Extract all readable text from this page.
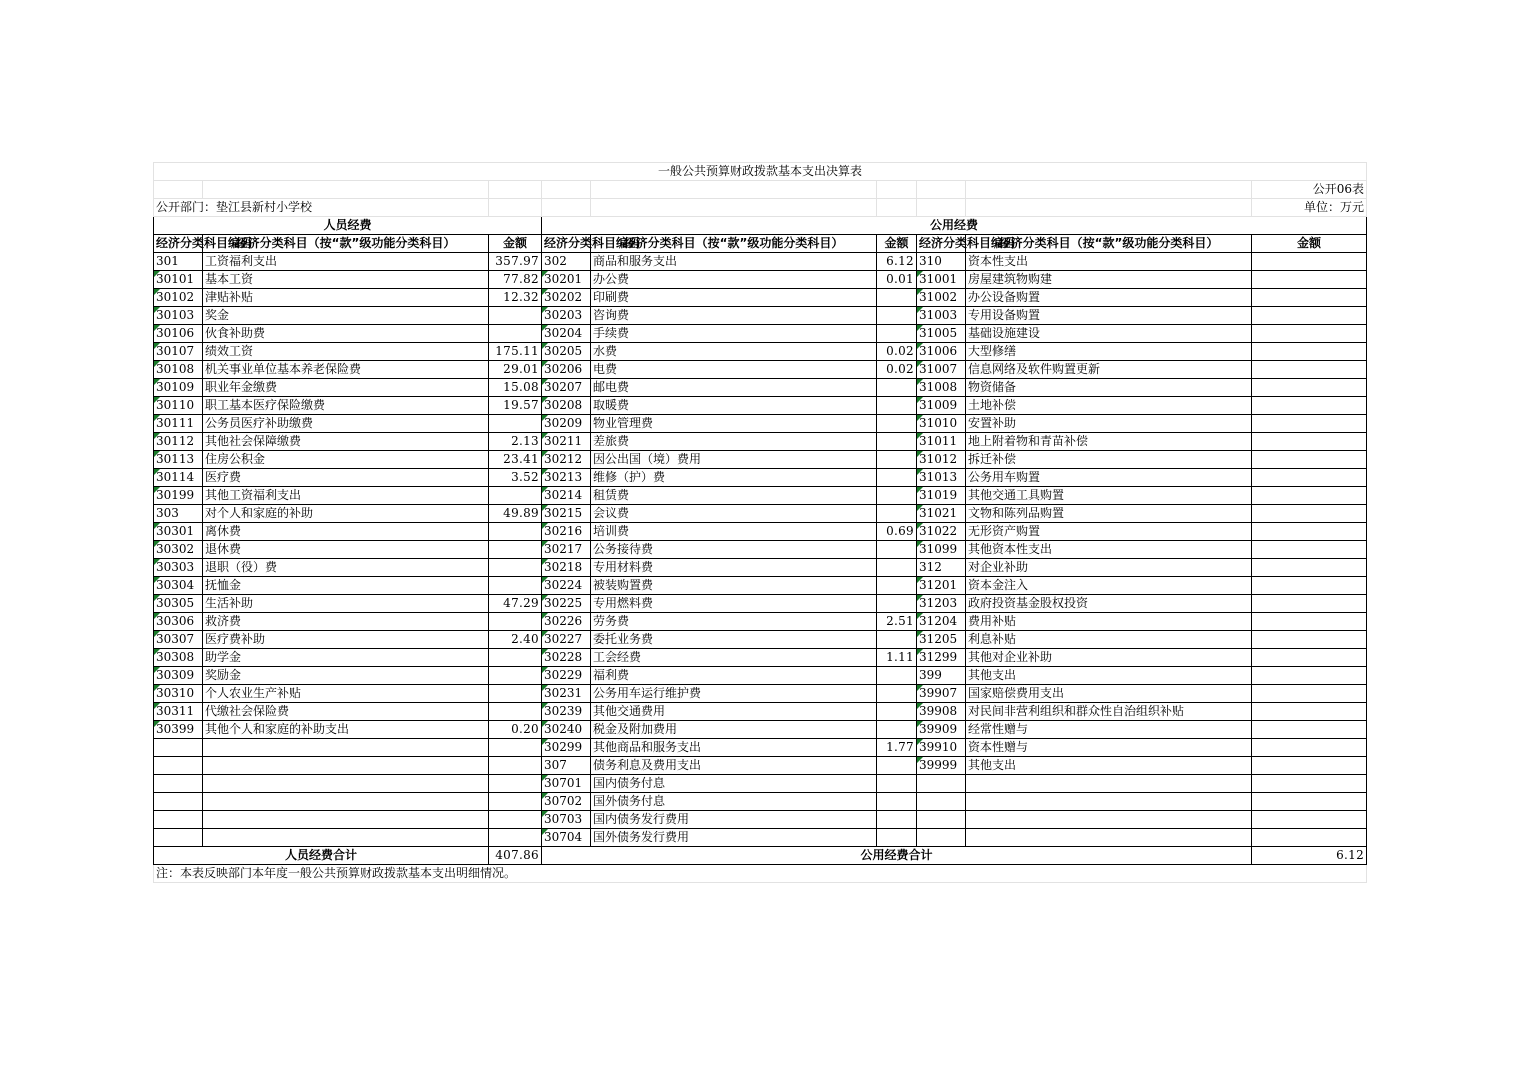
一般公共预算财政拨款基本支出决算表								
								公开06表
公开部门：垫江县新村小学校								单位：万元
人员经费			公用经费					
经济分类科目编码	经济分类科目（按“款”级功能分类科目）	金额	经济分类科目编码	经济分类科目（按“款”级功能分类科目）	金额	经济分类科目编码	经济分类科目（按“款”级功能分类科目）	金额
301	工资福利支出	357.97	302	商品和服务支出	6.12	310	资本性支出	
30101	基本工资	77.82	30201	办公费	0.01	31001	房屋建筑物购建	
30102	津贴补贴	12.32	30202	印刷费		31002	办公设备购置	
30103	奖金		30203	咨询费		31003	专用设备购置	
30106	伙食补助费		30204	手续费		31005	基础设施建设	
30107	绩效工资	175.11	30205	水费	0.02	31006	大型修缮	
30108	机关事业单位基本养老保险费	29.01	30206	电费	0.02	31007	信息网络及软件购置更新	
30109	职业年金缴费	15.08	30207	邮电费		31008	物资储备	
30110	职工基本医疗保险缴费	19.57	30208	取暖费		31009	土地补偿	
30111	公务员医疗补助缴费		30209	物业管理费		31010	安置补助	
30112	其他社会保障缴费	2.13	30211	差旅费		31011	地上附着物和青苗补偿	
30113	住房公积金	23.41	30212	因公出国（境）费用		31012	拆迁补偿	
30114	医疗费	3.52	30213	维修（护）费		31013	公务用车购置	
30199	其他工资福利支出		30214	租赁费		31019	其他交通工具购置	
303	对个人和家庭的补助	49.89	30215	会议费		31021	文物和陈列品购置	
30301	离休费		30216	培训费	0.69	31022	无形资产购置	
30302	退休费		30217	公务接待费		31099	其他资本性支出	
30303	退职（役）费		30218	专用材料费		312	对企业补助	
30304	抚恤金		30224	被装购置费		31201	资本金注入	
30305	生活补助	47.29	30225	专用燃料费		31203	政府投资基金股权投资	
30306	救济费		30226	劳务费	2.51	31204	费用补贴	
30307	医疗费补助	2.40	30227	委托业务费		31205	利息补贴	
30308	助学金		30228	工会经费	1.11	31299	其他对企业补助	
30309	奖励金		30229	福利费		399	其他支出	
30310	个人农业生产补贴		30231	公务用车运行维护费		39907	国家赔偿费用支出	
30311	代缴社会保险费		30239	其他交通费用		39908	对民间非营利组织和群众性自治组织补贴	
30399	其他个人和家庭的补助支出	0.20	30240	税金及附加费用		39909	经常性赠与	
			30299	其他商品和服务支出	1.77	39910	资本性赠与	
			307	债务利息及费用支出		39999	其他支出	
			30701	国内债务付息				
			30702	国外债务付息				
			30703	国内债务发行费用				
			30704	国外债务发行费用				
人员经费合计		407.86	公用经费合计					6.12
注：本表反映部门本年度一般公共预算财政拨款基本支出明细情况。								
